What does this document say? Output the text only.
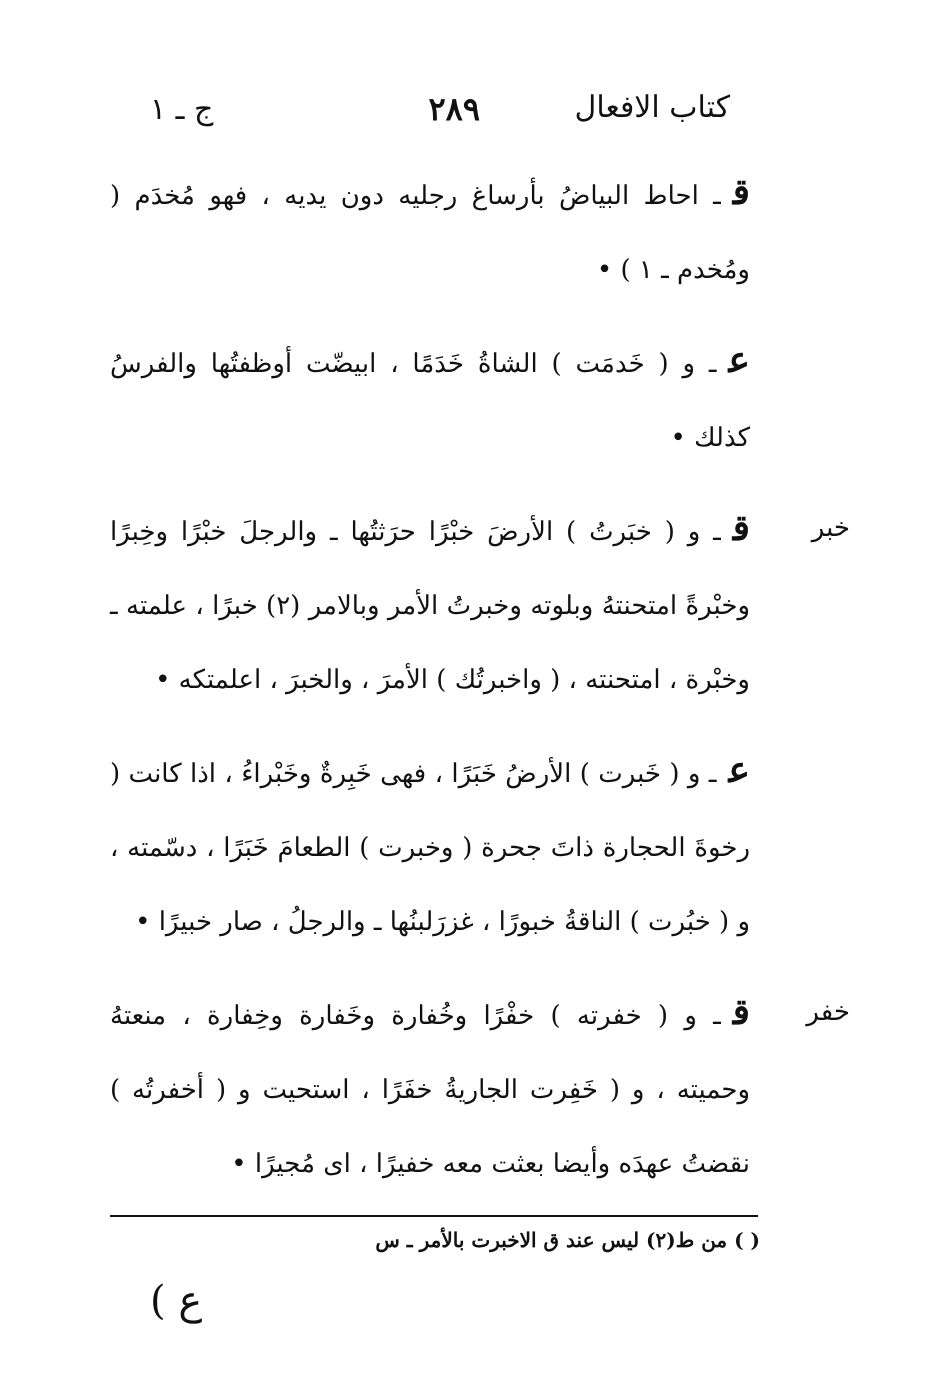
كتاب الافعال
٢٨٩
ج ـ ١
قـ احاط البياضُ بأرساغ رجليه دون يديه ، فهو مُخدَم ( ومُخدم ـ ١ ) •
عـ و ( خَدمَت ) الشاةُ خَدَمًا ، ابيضّت أوظفتُها والفرسُ كذلك •
خبر
قـ و ( خبَرتُ ) الأرضَ خبْرًا حرَثتُها ـ والرجلَ خبْرًا وخِبرًا وخبْرةً امتحنتهُ وبلوته وخبرتُ الأمر وبالامر (٢) خبرًا ، علمته ـ وخبْرة ، امتحنته ، ( واخبرتُك ) الأمرَ ، والخبرَ ، اعلمتكه •
عـ و ( خَبرت ) الأرضُ خَبَرًا ، فهى خَبِرةٌ وخَبْراءُ ، اذا كانت ( رخوةَ الحجارة ذاتَ جحرة ( وخبرت ) الطعامَ خَبَرًا ، دسّمته ، و ( خبُرت ) الناقةُ خبورًا ، غزرَلبنُها ـ والرجلُ ، صار خبيرًا •
خفر
قـ و ( خفرته ) خفْرًا وخُفارة وخَفارة وخِفارة ، منعتهُ وحميته ، و ( خَفِرت الجاريةُ خفَرًا ، استحيت و ( أخفرتُه ) نقضتُ عهدَه وأيضا بعثت معه خفيرًا ، اى مُجيرًا •
( ) من ط(٢) ليس عند ق الاخبرت بالأمر ـ س
ع )
